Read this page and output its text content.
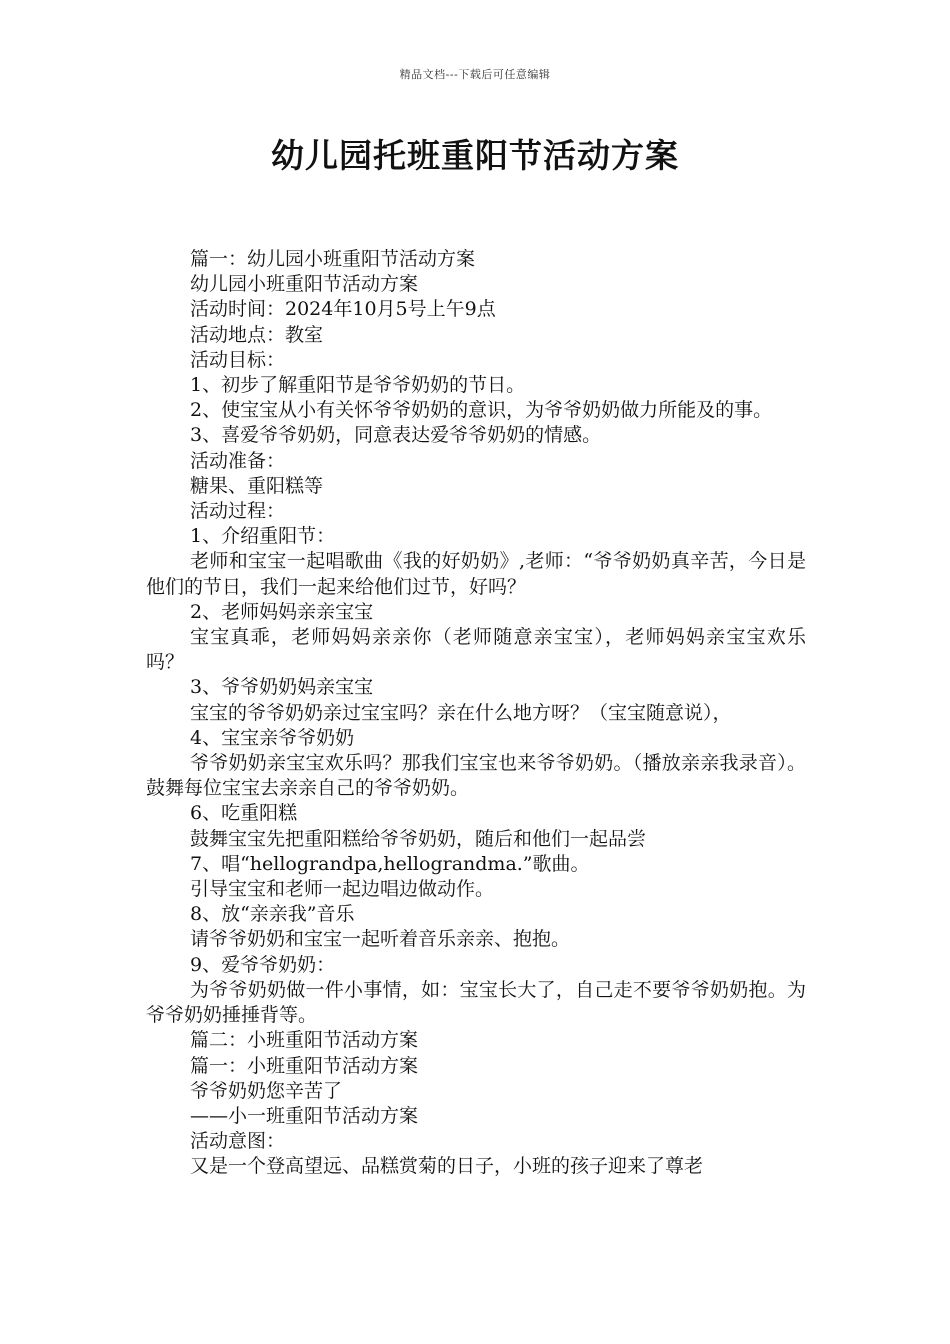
精品文档---下载后可任意编辑
幼儿园托班重阳节活动方案

篇一：幼儿园小班重阳节活动方案

幼儿园小班重阳节活动方案

活动时间：2024年10月5号上午9点

活动地点：教室

活动目标：

1、初步了解重阳节是爷爷奶奶的节日。

2、使宝宝从小有关怀爷爷奶奶的意识，为爷爷奶奶做力所能及的事。

3、喜爱爷爷奶奶，同意表达爱爷爷奶奶的情感。

活动准备：

糖果、重阳糕等

活动过程：

1、介绍重阳节：

老师和宝宝一起唱歌曲《我的好奶奶》,老师：“爷爷奶奶真辛苦，今日是他们的节日，我们一起来给他们过节，好吗？

2、老师妈妈亲亲宝宝

宝宝真乖，老师妈妈亲亲你（老师随意亲宝宝），老师妈妈亲宝宝欢乐吗？

3、爷爷奶奶妈亲宝宝

宝宝的爷爷奶奶亲过宝宝吗？亲在什么地方呀？（宝宝随意说），

4、宝宝亲爷爷奶奶

爷爷奶奶亲宝宝欢乐吗？那我们宝宝也来爷爷奶奶。（播放亲亲我录音）。鼓舞每位宝宝去亲亲自己的爷爷奶奶。

6、吃重阳糕

鼓舞宝宝先把重阳糕给爷爷奶奶，随后和他们一起品尝

7、唱“hellograndpa,hellograndma.”歌曲。

引导宝宝和老师一起边唱边做动作。

8、放“亲亲我”音乐

请爷爷奶奶和宝宝一起听着音乐亲亲、抱抱。

9、爱爷爷奶奶：

为爷爷奶奶做一件小事情，如：宝宝长大了，自己走不要爷爷奶奶抱。为爷爷奶奶捶捶背等。

篇二：小班重阳节活动方案

篇一：小班重阳节活动方案

爷爷奶奶您辛苦了

——小一班重阳节活动方案

活动意图：

又是一个登高望远、品糕赏菊的日子，小班的孩子迎来了尊老
